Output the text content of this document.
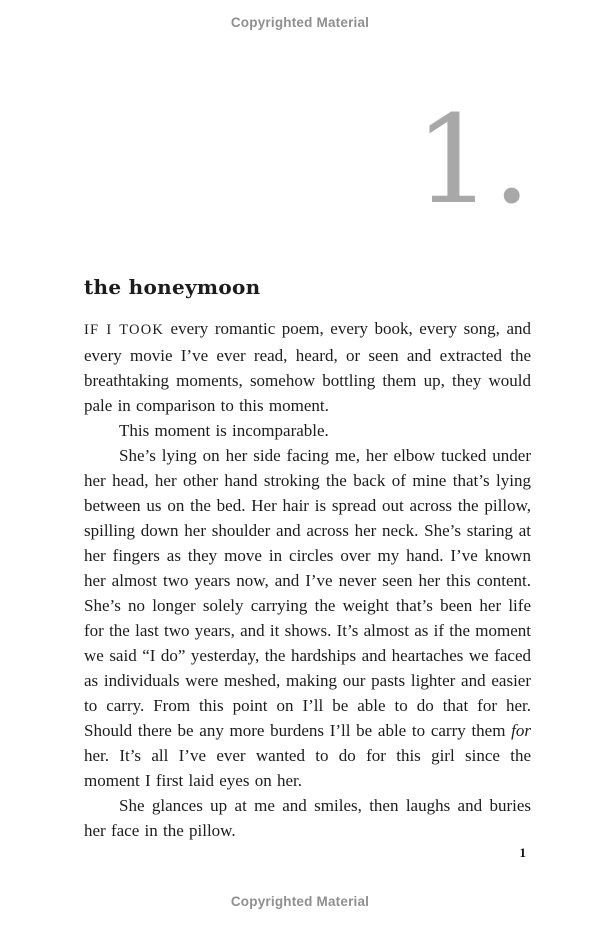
Copyrighted Material
1.
the honeymoon

IF I TOOK every romantic poem, every book, every song, and every movie I’ve ever read, heard, or seen and extracted the breathtaking moments, somehow bottling them up, they would pale in comparison to this moment.

This moment is incomparable.

She’s lying on her side facing me, her elbow tucked under her head, her other hand stroking the back of mine that’s lying between us on the bed. Her hair is spread out across the pillow, spilling down her shoulder and across her neck. She’s staring at her fingers as they move in circles over my hand. I’ve known her almost two years now, and I’ve never seen her this content. She’s no longer solely carrying the weight that’s been her life for the last two years, and it shows. It’s almost as if the moment we said “I do” yesterday, the hardships and heartaches we faced as individuals were meshed, making our pasts lighter and easier to carry. From this point on I’ll be able to do that for her. Should there be any more burdens I’ll be able to carry them for her. It’s all I’ve ever wanted to do for this girl since the moment I first laid eyes on her.

She glances up at me and smiles, then laughs and buries her face in the pillow.

1
Copyrighted Material
